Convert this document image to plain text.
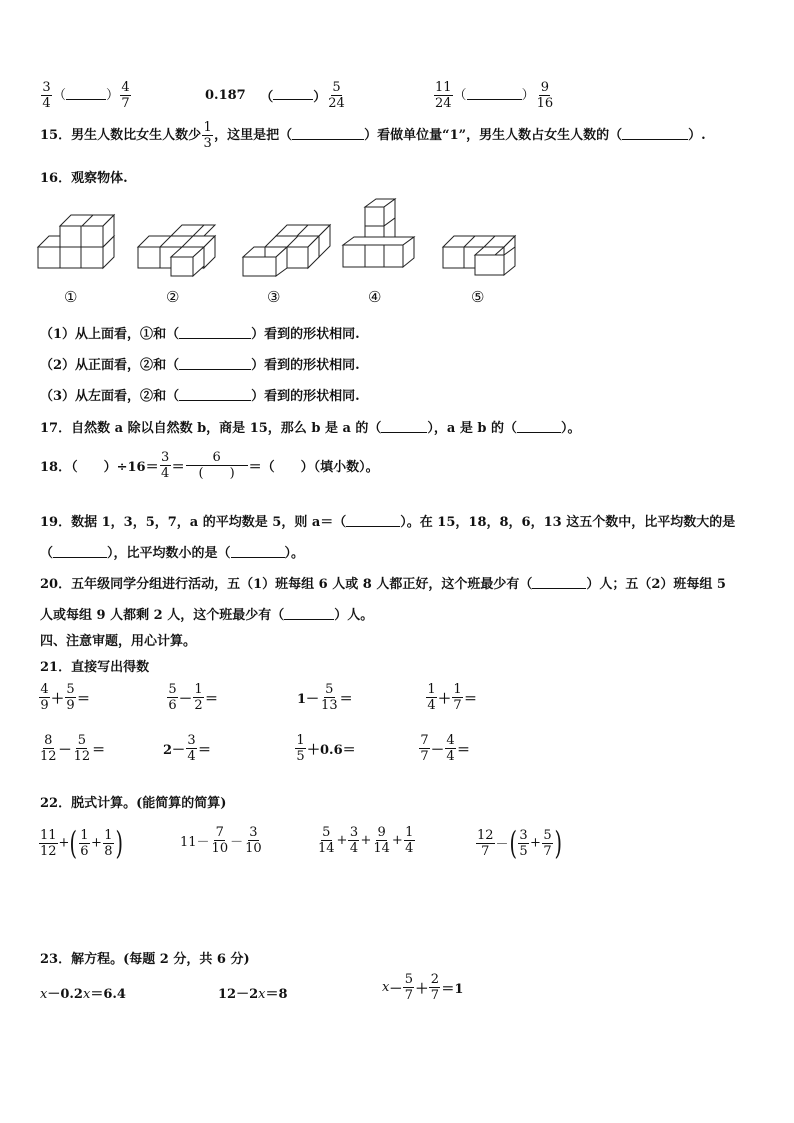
$\frac{3}{4}$ （	） $\frac{4}{7}$	0.187 （	） $\frac{5}{24}$	$\frac{11}{24}$ （	） $\frac{9}{16}$
15．男生人数比女生人数少 $\frac{1}{3}$ ，这里是把（	）看做单位量“1”，男生人数占女生人数的（	）.
16．观察物体.
①	②	③	④	⑤
（1）从上面看，①和（	）看到的形状相同.
（2）从正面看，②和（	）看到的形状相同.
（3）从左面看，②和（	）看到的形状相同.
17．自然数 a 除以自然数 b，商是 15，那么 b 是 a 的（	），a 是 b 的（	）。
18．（　　）$\div 16= \frac{3}{4} = \frac{6}{( )}$ ＝（　　）（填小数）。
19．数据 1，3，5，7，a 的平均数是 5，则 a＝（	）。在 15，18，8，6，13 这五个数中，比平均数大的是
（	），比平均数小的是（	）。
20．五年级同学分组进行活动，五（1）班每组 6 人或 8 人都正好，这个班最少有（	）人；五（2）班每组 5
人或每组 9 人都剩 2 人，这个班最少有（	）人。
四、注意审题，用心计算。
21．直接写出得数
$\frac{4}{9} + \frac{5}{9}$ ＝	$\frac{5}{6} - \frac{1}{2}$ ＝	$1- \frac{5}{13}$ ＝	$\frac{1}{4} + \frac{1}{7}$ ＝
$\frac{8}{12} - \frac{5}{12}$ ＝	$2- \frac{3}{4}$ ＝	$\frac{1}{5} +0.6=$	$\frac{7}{7} - \frac{4}{4}$ ＝
22．脱式计算。(能简算的简算)
$\frac{11}{12}$ +( $\frac{1}{6} + \frac{1}{8}$ )	$11- \frac{7}{10} - \frac{3}{10}$	$\frac{5}{14} + \frac{3}{4} + \frac{9}{14} + \frac{1}{4}$	$\frac{12}{7}$ －( $\frac{3}{5} + \frac{5}{7}$ )
23．解方程。(每题 2 分，共 6 分)
x－0.2x＝6.4	12－2x＝8	$x- \frac{5}{7} + \frac{2}{7} =1$
